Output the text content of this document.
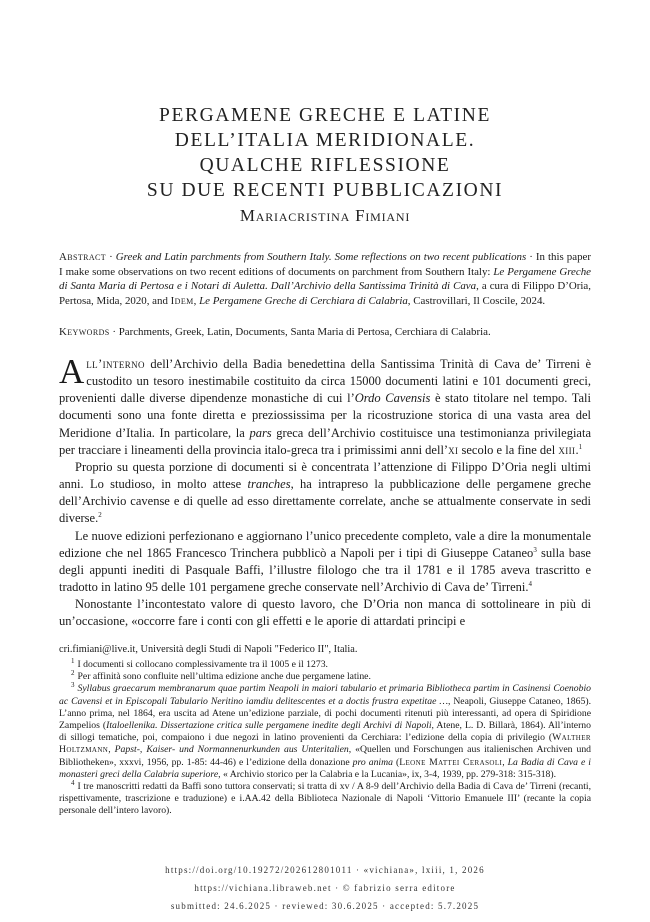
PERGAMENE GRECHE E LATINE
DELL’ITALIA MERIDIONALE.
QUALCHE RIFLESSIONE
SU DUE RECENTI PUBBLICAZIONI
Mariacristina Fimiani
Abstract · Greek and Latin parchments from Southern Italy. Some reflections on two recent publications · In this paper I make some observations on two recent editions of documents on parchment from Southern Italy: Le Pergamene Greche di Santa Maria di Pertosa e i Notari di Auletta. Dall’Archivio della Santissima Trinità di Cava, a cura di Filippo D’Oria, Pertosa, Mida, 2020, and Idem, Le Pergamene Greche di Cerchiara di Calabria, Castrovillari, Il Coscile, 2024.
Keywords · Parchments, Greek, Latin, Documents, Santa Maria di Pertosa, Cerchiara di Calabria.

All’interno dell’Archivio della Badia benedettina della Santissima Trinità di Cava de’ Tirreni è custodito un tesoro inestimabile costituito da circa 15000 documenti latini e 101 documenti greci, provenienti dalle diverse dipendenze monastiche di cui l’Ordo Cavensis è stato titolare nel tempo. Tali documenti sono una fonte diretta e preziossissima per la ricostruzione storica di una vasta area del Meridione d’Italia. In particolare, la pars greca dell’Archivio costituisce una testimonianza privilegiata per tracciare i lineamenti della provincia italo-greca tra i primissimi anni dell’xi secolo e la fine del xiii.$^1$

Proprio su questa porzione di documenti si è concentrata l’attenzione di Filippo D’Oria negli ultimi anni. Lo studioso, in molto attese tranches, ha intrapreso la pubblicazione delle pergamene greche dell’Archivio cavense e di quelle ad esso direttamente correlate, anche se attualmente conservate in sedi diverse.$^2$

Le nuove edizioni perfezionano e aggiornano l’unico precedente completo, vale a dire la monumentale edizione che nel 1865 Francesco Trinchera pubblicò a Napoli per i tipi di Giuseppe Cataneo$^3$ sulla base degli appunti inediti di Pasquale Baffi, l’illustre filologo che tra il 1781 e il 1785 aveva trascritto e tradotto in latino 95 delle 101 pergamene greche conservate nell’Archivio di Cava de’ Tirreni.$^4$

Nonostante l’incontestato valore di questo lavoro, che D’Oria non manca di sottolineare in più di un’occasione, «occorre fare i conti con gli effetti e le aporie di attardati principi e

cri.fimiani@live.it, Università degli Studi di Napoli "Federico II", Italia.

$^1$ I documenti si collocano complessivamente tra il 1005 e il 1273.

$^2$ Per affinità sono confluite nell’ultima edizione anche due pergamene latine.

$^3$ Syllabus graecarum membranarum quae partim Neapoli in maiori tabulario et primaria Bibliotheca partim in Casinensi Coenobio ac Cavensi et in Episcopali Tabulario Neritino iamdiu delitescentes et a doctis frustra expetitae …, Neapoli, Giuseppe Cataneo, 1865). L’anno prima, nel 1864, era uscita ad Atene un’edizione parziale, di pochi documenti ritenuti più interessanti, ad opera di Spiridione Zampelios (Italoellenika. Dissertazione critica sulle pergamene inedite degli Archivi di Napoli, Atene, L. D. Billarà, 1864). All’interno di sillogi tematiche, poi, compaiono i due negozi in latino provenienti da Cerchiara: l’edizione della copia di privilegio (Walther Holtzmann, Papst-, Kaiser- und Normannenurkunden aus Unteritalien, «Quellen und Forschungen aus italienischen Archiven und Bibliotheken», xxxvi, 1956, pp. 1-85: 44-46) e l’edizione della donazione pro anima (Leone Mattei Cerasoli, La Badia di Cava e i monasteri greci della Calabria superiore, « Archivio storico per la Calabria e la Lucania», ix, 3-4, 1939, pp. 279-318: 315-318).

$^4$ I tre manoscritti redatti da Baffi sono tuttora conservati; si tratta di xv / A 8-9 dell’Archivio della Badia di Cava de’ Tirreni (recanti, rispettivamente, trascrizione e traduzione) e i.AA.42 della Biblioteca Nazionale di Napoli ‘Vittorio Emanuele III’ (recante la copia personale dell’intero lavoro).

https://doi.org/10.19272/202612801011 · «vichiana», lxiii, 1, 2026
https://vichiana.libraweb.net · © fabrizio serra editore
submitted: 24.6.2025 · reviewed: 30.6.2025 · accepted: 5.7.2025
